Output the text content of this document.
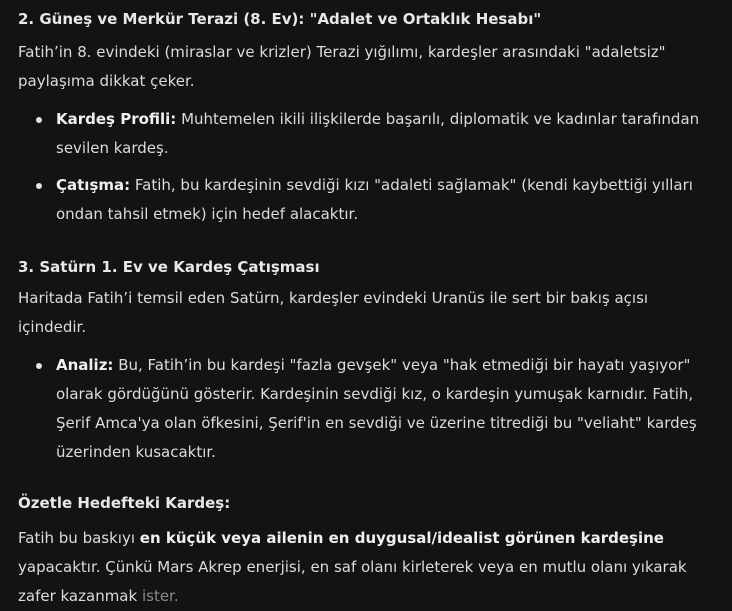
2. Güneş ve Merkür Terazi (8. Ev): "Adalet ve Ortaklık Hesabı"

Fatih’in 8. evindeki (miraslar ve krizler) Terazi yığılımı, kardeşler arasındaki "adaletsiz" paylaşıma dikkat çeker.

Kardeş Profili: Muhtemelen ikili ilişkilerde başarılı, diplomatik ve kadınlar tarafından sevilen kardeş.
Çatışma: Fatih, bu kardeşinin sevdiği kızı "adaleti sağlamak" (kendi kaybettiği yılları ondan tahsil etmek) için hedef alacaktır.

3. Satürn 1. Ev ve Kardeş Çatışması

Haritada Fatih’i temsil eden Satürn, kardeşler evindeki Uranüs ile sert bir bakış açısı içindedir.

Analiz: Bu, Fatih’in bu kardeşi "fazla gevşek" veya "hak etmediği bir hayatı yaşıyor" olarak gördüğünü gösterir. Kardeşinin sevdiği kız, o kardeşin yumuşak karnıdır. Fatih, Şerif Amca'ya olan öfkesini, Şerif'in en sevdiği ve üzerine titrediği bu "veliaht" kardeş üzerinden kusacaktır.

Özetle Hedefteki Kardeş:

Fatih bu baskıyı en küçük veya ailenin en duygusal/idealist görünen kardeşine yapacaktır. Çünkü Mars Akrep enerjisi, en saf olanı kirleterek veya en mutlu olanı yıkarak zafer kazanmak ister.
